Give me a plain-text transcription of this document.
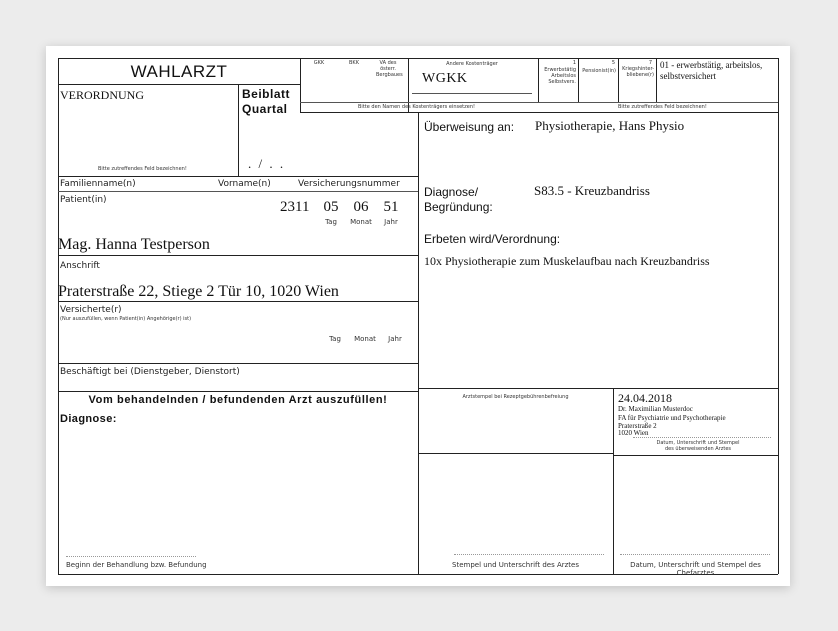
WAHLARZT
VERORDNUNG	Beiblatt
Quartal
. / . .
Bitte zutreffendes Feld bezeichnen!
GKK	BKK	VA des österr. Bergbaues
Andere Kostenträger
WGKK
1
Erwerbstätig Arbeitslos Selbstvers.
5
Pensionist(in)
7
Kriegshinter-bliebene(r)
01 - erwerbstätig, arbeitslos, selbstversichert
Bitte den Namen des Kostenträgers einsetzen!	Bitte zutreffendes Feld bezeichnen!
Familienname(n)	Vorname(n)	Versicherungsnummer
Patient(in)	2311 05	06	51
Tag	Monat	Jahr
Mag. Hanna Testperson
Anschrift
Praterstraße 22, Stiege 2 Tür 10, 1020 Wien
Versicherte(r)
(Nur auszufüllen, wenn Patient(in) Angehörige(r) ist)
Tag	Monat	Jahr
Beschäftigt bei (Dienstgeber, Dienstort)
Vom behandelnden / befundenden Arzt auszufüllen!
Diagnose:
Beginn der Behandlung bzw. Befundung
Überweisung an: Physiotherapie, Hans Physio
Diagnose/
Begründung:
S83.5 - Kreuzbandriss
Erbeten wird/Verordnung:
10x Physiotherapie zum Muskelaufbau nach Kreuzbandriss
Arztstempel bei Rezeptgebührenbefreiung	24.04.2018
Dr. Maximilian Musterdoc
FA für Psychiatrie und Psychotherapie
Praterstraße 2
1020 Wien
Datum, Unterschrift und Stempel
des überweisenden Arztes
Stempel und Unterschrift des Arztes	Datum, Unterschrift und Stempel des Chefarztes
